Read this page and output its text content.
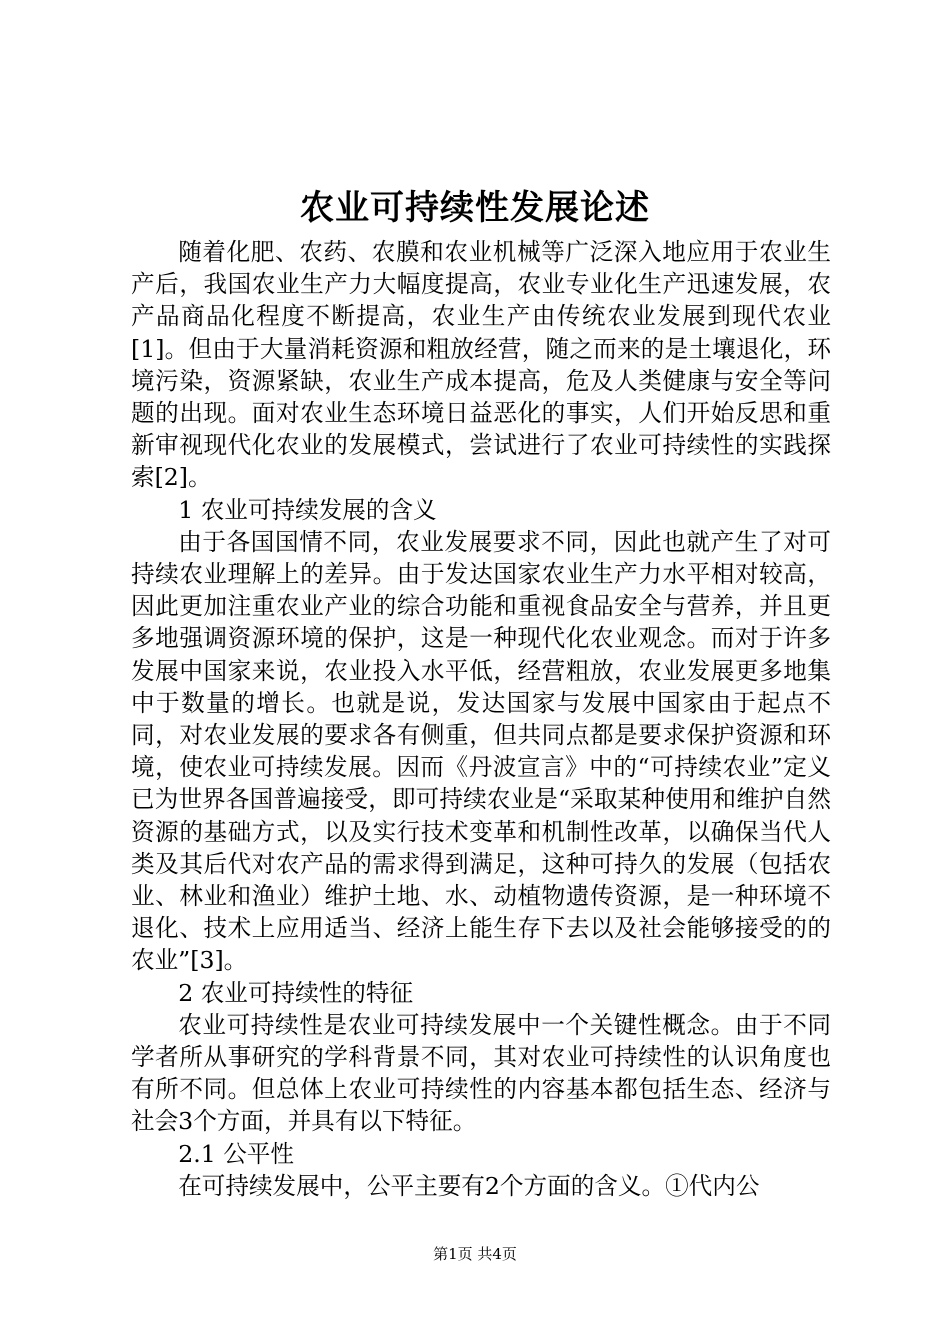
农业可持续性发展论述

随着化肥、农药、农膜和农业机械等广泛深入地应用于农业生产后，我国农业生产力大幅度提高，农业专业化生产迅速发展，农产品商品化程度不断提高，农业生产由传统农业发展到现代农业[1]。但由于大量消耗资源和粗放经营，随之而来的是土壤退化，环境污染，资源紧缺，农业生产成本提高，危及人类健康与安全等问题的出现。面对农业生态环境日益恶化的事实，人们开始反思和重新审视现代化农业的发展模式，尝试进行了农业可持续性的实践探索[2]。

1 农业可持续发展的含义

由于各国国情不同，农业发展要求不同，因此也就产生了对可持续农业理解上的差异。由于发达国家农业生产力水平相对较高，因此更加注重农业产业的综合功能和重视食品安全与营养，并且更多地强调资源环境的保护，这是一种现代化农业观念。而对于许多发展中国家来说，农业投入水平低，经营粗放，农业发展更多地集中于数量的增长。也就是说，发达国家与发展中国家由于起点不同，对农业发展的要求各有侧重，但共同点都是要求保护资源和环境，使农业可持续发展。因而《丹波宣言》中的“可持续农业”定义已为世界各国普遍接受，即可持续农业是“采取某种使用和维护自然资源的基础方式，以及实行技术变革和机制性改革，以确保当代人类及其后代对农产品的需求得到满足，这种可持久的发展（包括农业、林业和渔业）维护土地、水、动植物遗传资源，是一种环境不退化、技术上应用适当、经济上能生存下去以及社会能够接受的的农业”[3]。

2 农业可持续性的特征

农业可持续性是农业可持续发展中一个关键性概念。由于不同学者所从事研究的学科背景不同，其对农业可持续性的认识角度也有所不同。但总体上农业可持续性的内容基本都包括生态、经济与社会3个方面，并具有以下特征。

2.1 公平性

在可持续发展中，公平主要有2个方面的含义。①代内公

第1页 共4页
